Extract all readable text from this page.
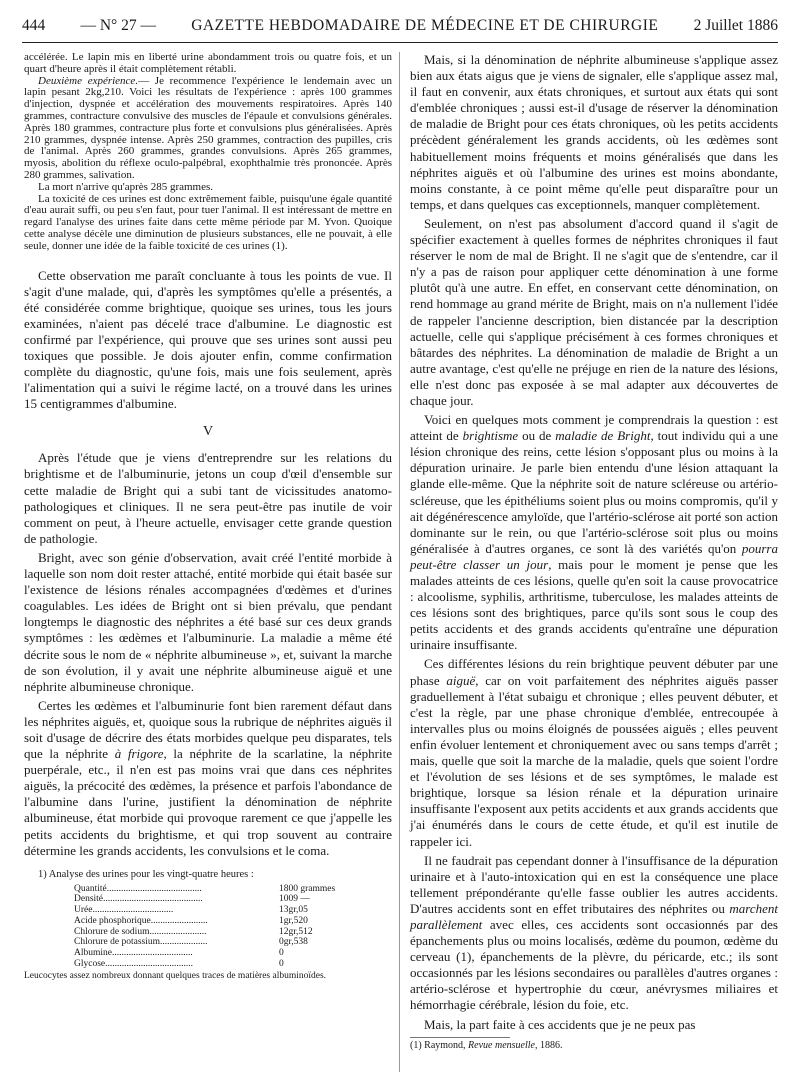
444 — N° 27 — GAZETTE HEBDOMADAIRE DE MÉDECINE ET DE CHIRURGIE 2 Juillet 1886
accélérée. Le lapin mis en liberté urine abondamment trois ou quatre fois, et un quart d'heure après il était complètement rétabli.
Deuxième expérience.— Je recommence l'expérience le lendemain avec un lapin pesant 2kg,210. Voici les résultats de l'expérience : après 100 grammes d'injection, dyspnée et accélération des mouvements respiratoires. Après 140 grammes, contracture convulsive des muscles de l'épaule et convulsions générales. Après 180 grammes, contracture plus forte et convulsions plus généralisées. Après 210 grammes, dyspnée intense. Après 250 grammes, contraction des pupilles, cris de l'animal. Après 260 grammes, grandes convulsions. Après 265 grammes, myosis, abolition du réflexe oculo-palpébral, exophthalmie très prononcée. Après 280 grammes, salivation.
La mort n'arrive qu'après 285 grammes.
La toxicité de ces urines est donc extrêmement faible, puisqu'une égale quantité d'eau aurait suffi, ou peu s'en faut, pour tuer l'animal. Il est intéressant de mettre en regard l'analyse des urines faite dans cette même période par M. Yvon. Quoique cette analyse décèle une diminution de plusieurs substances, elle ne pouvait, à elle seule, donner une idée de la faible toxicité de ces urines (1).

Cette observation me paraît concluante à tous les points de vue. Il s'agit d'une malade, qui, d'après les symptômes qu'elle a présentés, a été considérée comme brightique, quoique ses urines, tous les jours examinées, n'aient pas décelé trace d'albumine. Le diagnostic est confirmé par l'expérience, qui prouve que ses urines sont aussi peu toxiques que possible. Je dois ajouter enfin, comme confirmation complète du diagnostic, qu'une fois, mais une fois seulement, après l'alimentation qui a suivi le régime lacté, on a trouvé dans les urines 15 centigrammes d'albumine.

V

Après l'étude que je viens d'entreprendre sur les relations du brightisme et de l'albuminurie, jetons un coup d'œil d'ensemble sur cette maladie de Bright qui a subi tant de vicissitudes anatomo-pathologiques et cliniques. Il ne sera peut-être pas inutile de voir comment on peut, à l'heure actuelle, envisager cette grande question de pathologie.

Bright, avec son génie d'observation, avait créé l'entité morbide à laquelle son nom doit rester attaché, entité morbide qui était basée sur l'existence de lésions rénales accompagnées d'œdèmes et d'urines coagulables. Les idées de Bright ont si bien prévalu, que pendant longtemps le diagnostic des néphrites a été basé sur ces deux grands symptômes : les œdèmes et l'albuminurie. La maladie a même été décrite sous le nom de « néphrite albumineuse », et, suivant la marche de son évolution, il y avait une néphrite albumineuse aiguë et une néphrite albumineuse chronique.

Certes les œdèmes et l'albuminurie font bien rarement défaut dans les néphrites aiguës, et, quoique sous la rubrique de néphrites aiguës il soit d'usage de décrire des états morbides quelque peu disparates, tels que la néphrite à frigore, la néphrite de la scarlatine, la néphrite puerpérale, etc., il n'en est pas moins vrai que dans ces néphrites aiguës, la précocité des œdèmes, la présence et parfois l'abondance de l'albumine dans l'urine, justifient la dénomination de néphrite albumineuse, état morbide qui provoque rarement ce que j'appelle les petits accidents du brightisme, et qui trop souvent au contraire détermine les grands accidents, les convulsions et le coma.

1) Analyse des urines pour les vingt-quatre heures :
Quantité........................................	1800 grammes
Densité..........................................	1009 —
Urée..................................	13gr,05
Acide phosphorique........................	1gr,520
Chlorure de sodium........................	12gr,512
Chlorure de potassium....................	0gr,538
Albumine..................................	0
Glycose.....................................	0
Leucocytes assez nombreux donnant quelques traces de matières albuminoïdes.

Mais, si la dénomination de néphrite albumineuse s'applique assez bien aux états aigus que je viens de signaler, elle s'applique assez mal, il faut en convenir, aux états chroniques, et surtout aux états qui sont d'emblée chroniques ; aussi est-il d'usage de réserver la dénomination de maladie de Bright pour ces états chroniques, où les petits accidents précèdent généralement les grands accidents, où les œdèmes sont habituellement moins fréquents et moins généralisés que dans les néphrites aiguës et où l'albumine des urines est moins abondante, moins constante, à ce point même qu'elle peut disparaître pour un temps, et dans quelques cas exceptionnels, manquer complètement.

Seulement, on n'est pas absolument d'accord quand il s'agit de spécifier exactement à quelles formes de néphrites chroniques il faut réserver le nom de mal de Bright. Il ne s'agit que de s'entendre, car il n'y a pas de raison pour appliquer cette dénomination à une forme plutôt qu'à une autre. En effet, en conservant cette dénomination, on rend hommage au grand mérite de Bright, mais on n'a nullement l'idée de rappeler l'ancienne description, bien distancée par la description actuelle, celle qui s'applique précisément à ces formes chroniques et bâtardes des néphrites. La dénomination de maladie de Bright a un autre avantage, c'est qu'elle ne préjuge en rien de la nature des lésions, elle n'est donc pas exposée à se mal adapter aux découvertes de chaque jour.

Voici en quelques mots comment je comprendrais la question : est atteint de brightisme ou de maladie de Bright, tout individu qui a une lésion chronique des reins, cette lésion s'opposant plus ou moins à la dépuration urinaire. Je parle bien entendu d'une lésion attaquant la glande elle-même. Que la néphrite soit de nature scléreuse ou artério-scléreuse, que les épithéliums soient plus ou moins compromis, qu'il y ait dégénérescence amyloïde, que l'artério-sclérose ait porté son action dominante sur le rein, ou que l'artério-sclérose soit plus ou moins généralisée à d'autres organes, ce sont là des variétés qu'on pourra peut-être classer un jour, mais pour le moment je pense que les malades atteints de ces lésions, quelle qu'en soit la cause provocatrice : alcoolisme, syphilis, arthritisme, tuberculose, les malades atteints de ces lésions sont des brightiques, parce qu'ils sont sous le coup des petits accidents et des grands accidents qu'entraîne une dépuration urinaire insuffisante.

Ces différentes lésions du rein brightique peuvent débuter par une phase aiguë, car on voit parfaitement des néphrites aiguës passer graduellement à l'état subaigu et chronique ; elles peuvent débuter, et c'est la règle, par une phase chronique d'emblée, entrecoupée à intervalles plus ou moins éloignés de poussées aiguës ; elles peuvent enfin évoluer lentement et chroniquement avec ou sans temps d'arrêt ; mais, quelle que soit la marche de la maladie, quels que soient l'ordre et l'évolution de ses lésions et de ses symptômes, le malade est brightique, lorsque sa lésion rénale et la dépuration urinaire insuffisante l'exposent aux petits accidents et aux grands accidents que j'ai énumérés dans le cours de cette étude, et qu'il est inutile de rappeler ici.

Il ne faudrait pas cependant donner à l'insuffisance de la dépuration urinaire et à l'auto-intoxication qui en est la conséquence une place tellement prépondérante qu'elle fasse oublier les autres accidents. D'autres accidents sont en effet tributaires des néphrites ou marchent parallèlement avec elles, ces accidents sont occasionnés par des épanchements plus ou moins localisés, œdème du poumon, œdème du cerveau (1), épanchements de la plèvre, du péricarde, etc.; ils sont occasionnés par les lésions secondaires ou parallèles d'autres organes : artério-sclérose et hypertrophie du cœur, anévrysmes miliaires et hémorrhagie cérébrale, lésion du foie, etc.

Mais, la part faite à ces accidents que je ne peux pas

(1) Raymond, Revue mensuelle, 1886.
